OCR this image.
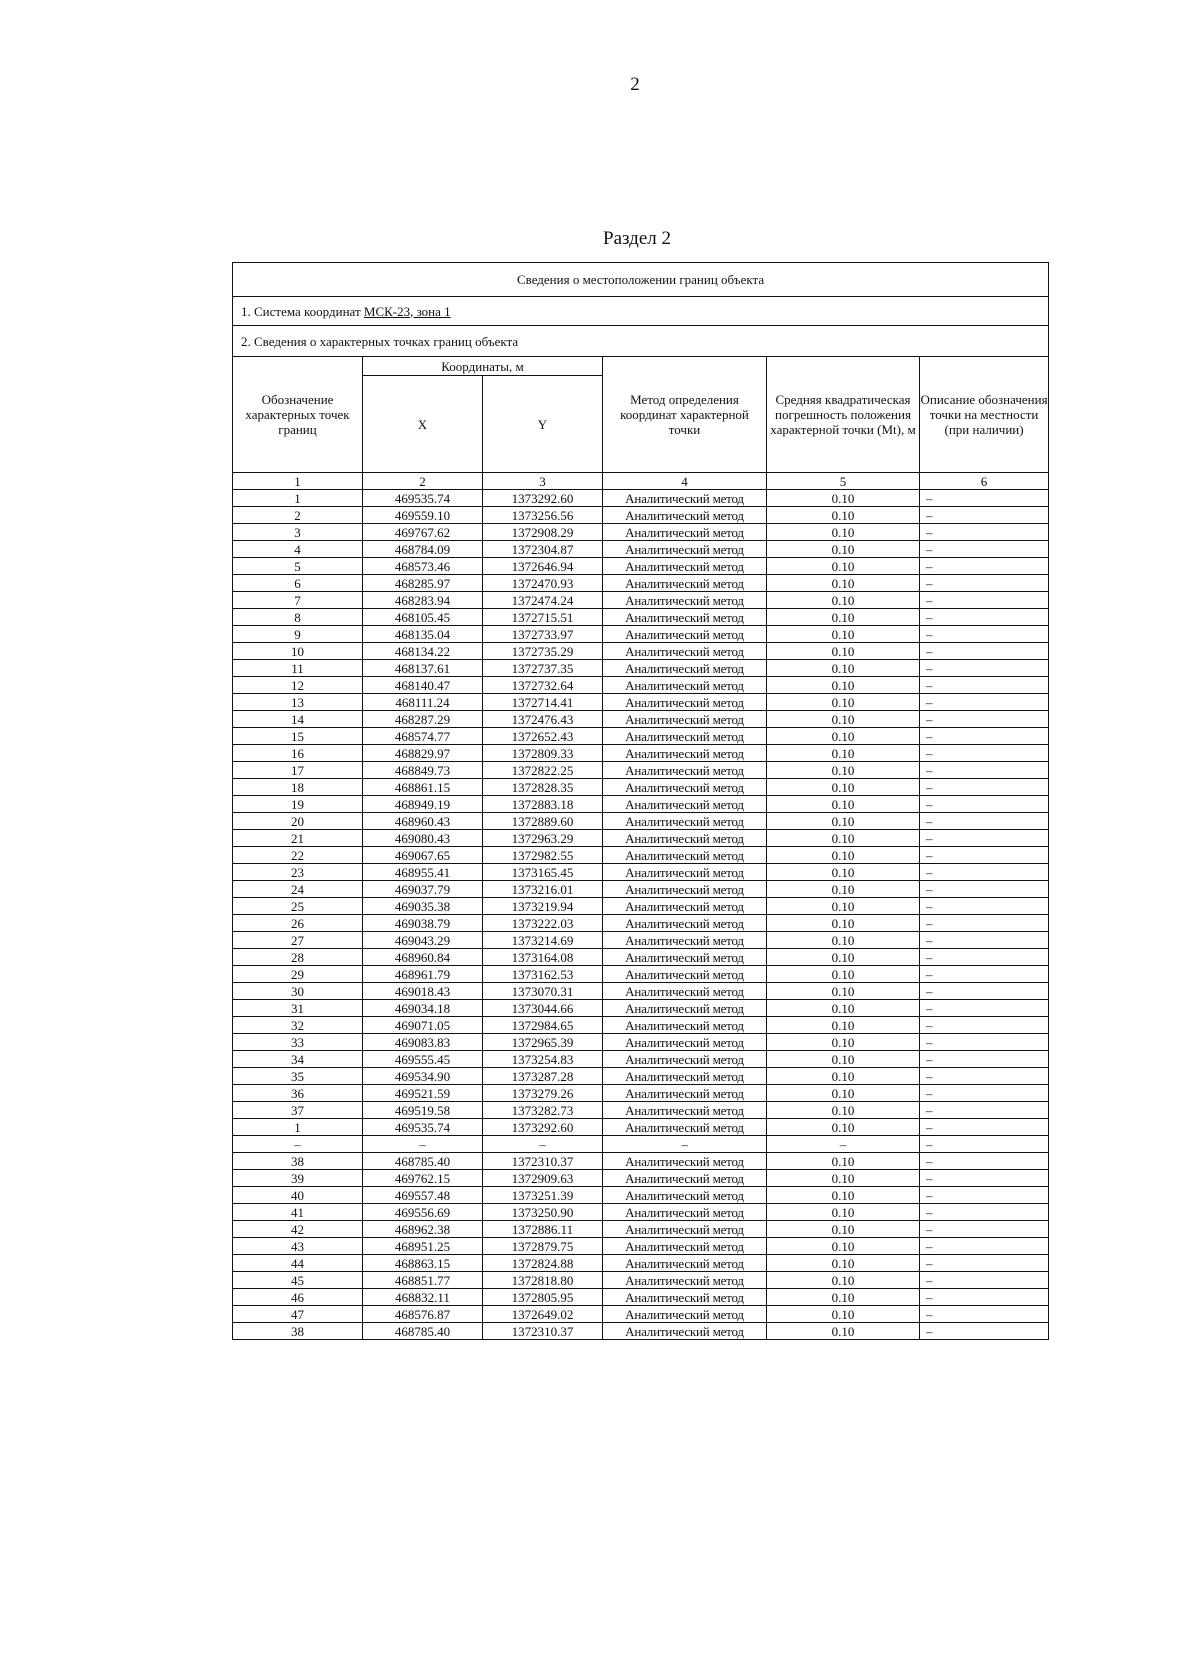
2
Раздел 2
Сведения о местоположении границ объекта					
1. Система координат МСК-23, зона 1					
2. Сведения о характерных точках границ объекта					
Обозначение характерных точек границ	Координаты, м		Метод определения координат характерной точки	Средняя квадратическая погрешность положения характерной точки (Mt), м	Описание обозначения точки на местности (при наличии)
	X	Y			
1	2	3	4	5	6
1	469535.74	1373292.60	Аналитический метод	0.10	–
2	469559.10	1373256.56	Аналитический метод	0.10	–
3	469767.62	1372908.29	Аналитический метод	0.10	–
4	468784.09	1372304.87	Аналитический метод	0.10	–
5	468573.46	1372646.94	Аналитический метод	0.10	–
6	468285.97	1372470.93	Аналитический метод	0.10	–
7	468283.94	1372474.24	Аналитический метод	0.10	–
8	468105.45	1372715.51	Аналитический метод	0.10	–
9	468135.04	1372733.97	Аналитический метод	0.10	–
10	468134.22	1372735.29	Аналитический метод	0.10	–
11	468137.61	1372737.35	Аналитический метод	0.10	–
12	468140.47	1372732.64	Аналитический метод	0.10	–
13	468111.24	1372714.41	Аналитический метод	0.10	–
14	468287.29	1372476.43	Аналитический метод	0.10	–
15	468574.77	1372652.43	Аналитический метод	0.10	–
16	468829.97	1372809.33	Аналитический метод	0.10	–
17	468849.73	1372822.25	Аналитический метод	0.10	–
18	468861.15	1372828.35	Аналитический метод	0.10	–
19	468949.19	1372883.18	Аналитический метод	0.10	–
20	468960.43	1372889.60	Аналитический метод	0.10	–
21	469080.43	1372963.29	Аналитический метод	0.10	–
22	469067.65	1372982.55	Аналитический метод	0.10	–
23	468955.41	1373165.45	Аналитический метод	0.10	–
24	469037.79	1373216.01	Аналитический метод	0.10	–
25	469035.38	1373219.94	Аналитический метод	0.10	–
26	469038.79	1373222.03	Аналитический метод	0.10	–
27	469043.29	1373214.69	Аналитический метод	0.10	–
28	468960.84	1373164.08	Аналитический метод	0.10	–
29	468961.79	1373162.53	Аналитический метод	0.10	–
30	469018.43	1373070.31	Аналитический метод	0.10	–
31	469034.18	1373044.66	Аналитический метод	0.10	–
32	469071.05	1372984.65	Аналитический метод	0.10	–
33	469083.83	1372965.39	Аналитический метод	0.10	–
34	469555.45	1373254.83	Аналитический метод	0.10	–
35	469534.90	1373287.28	Аналитический метод	0.10	–
36	469521.59	1373279.26	Аналитический метод	0.10	–
37	469519.58	1373282.73	Аналитический метод	0.10	–
1	469535.74	1373292.60	Аналитический метод	0.10	–
–	–	–	–	–	–
38	468785.40	1372310.37	Аналитический метод	0.10	–
39	469762.15	1372909.63	Аналитический метод	0.10	–
40	469557.48	1373251.39	Аналитический метод	0.10	–
41	469556.69	1373250.90	Аналитический метод	0.10	–
42	468962.38	1372886.11	Аналитический метод	0.10	–
43	468951.25	1372879.75	Аналитический метод	0.10	–
44	468863.15	1372824.88	Аналитический метод	0.10	–
45	468851.77	1372818.80	Аналитический метод	0.10	–
46	468832.11	1372805.95	Аналитический метод	0.10	–
47	468576.87	1372649.02	Аналитический метод	0.10	–
38	468785.40	1372310.37	Аналитический метод	0.10	–
